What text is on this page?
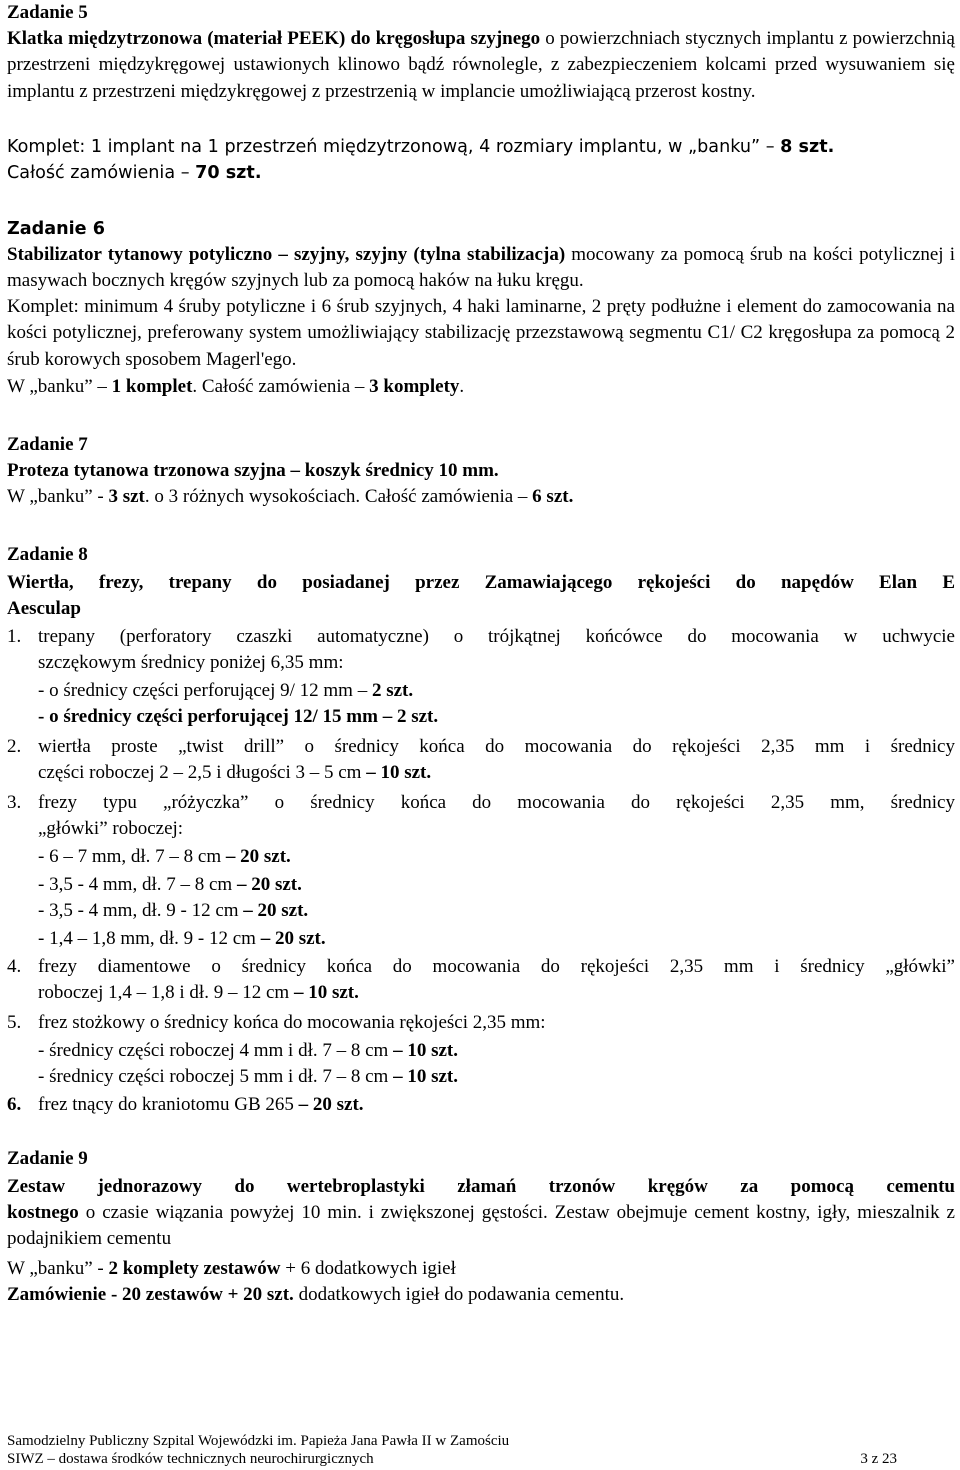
Zadanie 5
Klatka międzytrzonowa (materiał PEEK) do kręgosłupa szyjnego o powierzchniach stycznych implantu z powierzchnią przestrzeni międzykręgowej ustawionych klinowo bądź równolegle, z zabezpieczeniem kolcami przed wysuwaniem się implantu z przestrzeni międzykręgowej z przestrzenią w implancie umożliwiającą przerost kostny.
Komplet: 1 implant na 1 przestrzeń międzytrzonową, 4 rozmiary implantu, w „banku” – 8 szt.
Całość zamówienia – 70 szt.
Zadanie 6
Stabilizator tytanowy potyliczno – szyjny, szyjny (tylna stabilizacja) mocowany za pomocą śrub na kości potylicznej i masywach bocznych kręgów szyjnych lub za pomocą haków na łuku kręgu.
Komplet: minimum 4 śruby potyliczne i 6 śrub szyjnych, 4 haki laminarne, 2 pręty podłużne i element do zamocowania na kości potylicznej, preferowany system umożliwiający stabilizację przezstawową segmentu C1/ C2 kręgosłupa za pomocą 2 śrub korowych sposobem Magerl'ego.
W „banku” – 1 komplet. Całość zamówienia – 3 komplety.
Zadanie 7
Proteza tytanowa trzonowa szyjna – koszyk średnicy 10 mm.
W „banku” - 3 szt. o 3 różnych wysokościach. Całość zamówienia – 6 szt.
Zadanie 8
Wiertła, frezy, trepany do posiadanej przez Zamawiającego rękojeści do napędów Elan E
Aesculap
1. trepany (perforatory czaszki automatyczne) o trójkątnej końcówce do mocowania w uchwycie
szczękowym średnicy poniżej 6,35 mm:
- o średnicy części perforującej 9/ 12 mm – 2 szt.
- o średnicy części perforującej 12/ 15 mm – 2 szt.
2. wiertła proste „twist drill” o średnicy końca do mocowania do rękojeści 2,35 mm i średnicy
części roboczej 2 – 2,5 i długości 3 – 5 cm – 10 szt.
3. frezy typu „różyczka” o średnicy końca do mocowania do rękojeści 2,35 mm, średnicy
„główki” roboczej:
- 6 – 7 mm, dł. 7 – 8 cm – 20 szt.
- 3,5 - 4 mm, dł. 7 – 8 cm – 20 szt.
- 3,5 - 4 mm, dł. 9 - 12 cm – 20 szt.
- 1,4 – 1,8 mm, dł. 9 - 12 cm – 20 szt.
4. frezy diamentowe o średnicy końca do mocowania do rękojeści 2,35 mm i średnicy „główki”
roboczej 1,4 – 1,8 i dł. 9 – 12 cm – 10 szt.
5. frez stożkowy o średnicy końca do mocowania rękojeści 2,35 mm:
- średnicy części roboczej 4 mm i dł. 7 – 8 cm – 10 szt.
- średnicy części roboczej 5 mm i dł. 7 – 8 cm – 10 szt.
6. frez tnący do kraniotomu GB 265 – 20 szt.
Zadanie 9
Zestaw jednorazowy do wertebroplastyki złamań trzonów kręgów za pomocą cementu
kostnego o czasie wiązania powyżej 10 min. i zwiększonej gęstości. Zestaw obejmuje cement kostny, igły, mieszalnik z podajnikiem cementu
W „banku” - 2 komplety zestawów + 6 dodatkowych igieł
Zamówienie - 20 zestawów + 20 szt. dodatkowych igieł do podawania cementu.
Samodzielny Publiczny Szpital Wojewódzki im. Papieża Jana Pawła II w Zamościu
SIWZ – dostawa środków technicznych neurochirurgicznych	3 z 23
